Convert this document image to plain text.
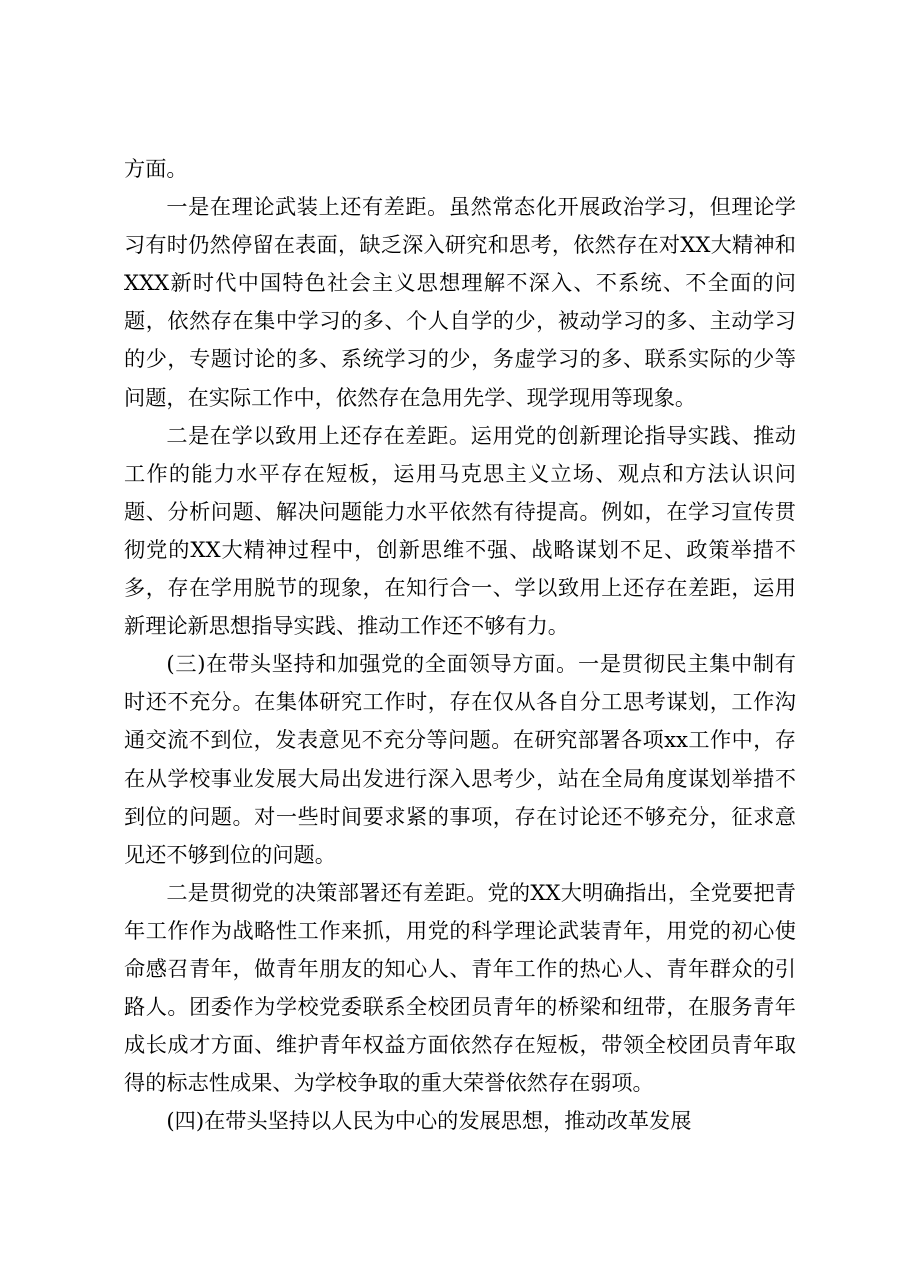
方面。

一是在理论武装上还有差距。虽然常态化开展政治学习，但理论学习有时仍然停留在表面，缺乏深入研究和思考，依然存在对XX大精神和XXX新时代中国特色社会主义思想理解不深入、不系统、不全面的问题，依然存在集中学习的多、个人自学的少，被动学习的多、主动学习的少，专题讨论的多、系统学习的少，务虚学习的多、联系实际的少等问题，在实际工作中，依然存在急用先学、现学现用等现象。

二是在学以致用上还存在差距。运用党的创新理论指导实践、推动工作的能力水平存在短板，运用马克思主义立场、观点和方法认识问题、分析问题、解决问题能力水平依然有待提高。例如，在学习宣传贯彻党的XX大精神过程中，创新思维不强、战略谋划不足、政策举措不多，存在学用脱节的现象，在知行合一、学以致用上还存在差距，运用新理论新思想指导实践、推动工作还不够有力。

(三)在带头坚持和加强党的全面领导方面。一是贯彻民主集中制有时还不充分。在集体研究工作时，存在仅从各自分工思考谋划，工作沟通交流不到位，发表意见不充分等问题。在研究部署各项xx工作中，存在从学校事业发展大局出发进行深入思考少，站在全局角度谋划举措不到位的问题。对一些时间要求紧的事项，存在讨论还不够充分，征求意见还不够到位的问题。

二是贯彻党的决策部署还有差距。党的XX大明确指出，全党要把青年工作作为战略性工作来抓，用党的科学理论武装青年，用党的初心使命感召青年，做青年朋友的知心人、青年工作的热心人、青年群众的引路人。团委作为学校党委联系全校团员青年的桥梁和纽带，在服务青年成长成才方面、维护青年权益方面依然存在短板，带领全校团员青年取得的标志性成果、为学校争取的重大荣誉依然存在弱项。

(四)在带头坚持以人民为中心的发展思想，推动改革发展
